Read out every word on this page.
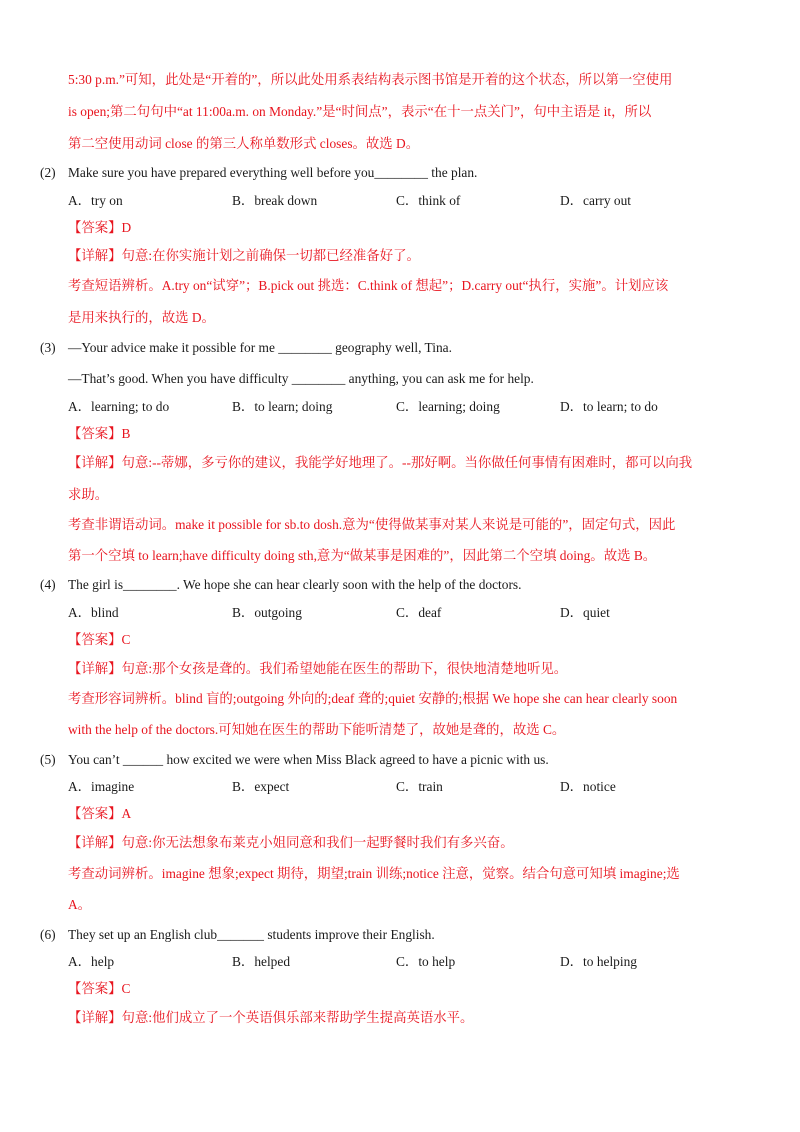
5:30 p.m.”可知，此处是“开着的”，所以此处用系表结构表示图书馆是开着的这个状态，所以第一空使用
is open;第二句句中“at 11:00a.m. on Monday.”是“时间点”，表示“在十一点关门”，句中主语是 it，所以
第二空使用动词 close 的第三人称单数形式 closes。故选 D。
(2) Make sure you have prepared everything well before you________ the plan.
A．try on	B．break down	C．think of	D．carry out
【答案】D
【详解】句意:在你实施计划之前确保一切都已经准备好了。
考查短语辨析。A.try on“试穿”；B.pick out 挑选：C.think of 想起”；D.carry out“执行，实施”。计划应该
是用来执行的，故选 D。
(3) —Your advice make it possible for me ________ geography well, Tina.
—That’s good. When you have difficulty ________ anything, you can ask me for help.
A．learning; to do	B．to learn; doing	C．learning; doing	D．to learn; to do
【答案】B
【详解】句意:--蒂娜，多亏你的建议，我能学好地理了。--那好啊。当你做任何事情有困难时，都可以向我
求助。
考查非谓语动词。make it possible for sb.to dosh.意为“使得做某事对某人来说是可能的”，固定句式，因此
第一个空填 to learn;have difficulty doing sth,意为“做某事是困难的”，因此第二个空填 doing。故选 B。
(4) The girl is________. We hope she can hear clearly soon with the help of the doctors.
A．blind	B．outgoing	C．deaf	D．quiet
【答案】C
【详解】句意:那个女孩是聋的。我们希望她能在医生的帮助下，很快地清楚地听见。
考查形容词辨析。blind 盲的;outgoing 外向的;deaf 聋的;quiet 安静的;根据 We hope she can hear clearly soon
with the help of the doctors.可知她在医生的帮助下能听清楚了，故她是聋的，故选 C。
(5) You can’t ______ how excited we were when Miss Black agreed to have a picnic with us.
A．imagine	B．expect	C．train	D．notice
【答案】A
【详解】句意:你无法想象布莱克小姐同意和我们一起野餐时我们有多兴奋。
考查动词辨析。imagine 想象;expect 期待，期望;train 训练;notice 注意，觉察。结合句意可知填 imagine;选
A。
(6) They set up an English club_______ students improve their English.
A．help	B．helped	C．to help	D．to helping
【答案】C
【详解】句意:他们成立了一个英语俱乐部来帮助学生提高英语水平。
